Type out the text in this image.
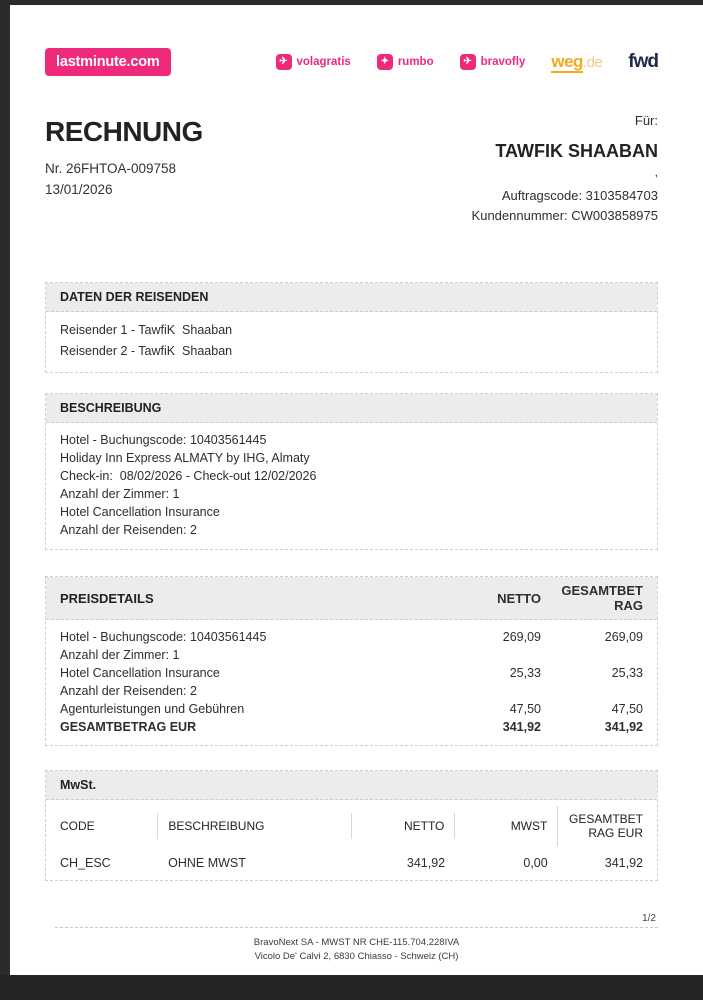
lastminute.com	✈ volagratis	✦ rumbo	✈ bravofly weg.de fwd
RECHNUNG
Nr. 26FHTOA-009758
13/01/2026
Für:
TAWFIK SHAABAN
,
Auftragscode: 3103584703
Kundennummer: CW003858975
DATEN DER REISENDEN
Reisender 1 - TawfiK  Shaaban
Reisender 2 - TawfiK  Shaaban
BESCHREIBUNG
Hotel - Buchungscode: 10403561445
Holiday Inn Express ALMATY by IHG, Almaty
Check-in:  08/02/2026 - Check-out 12/02/2026
Anzahl der Zimmer: 1
Hotel Cancellation Insurance
Anzahl der Reisenden: 2
PREISDETAILS	NETTO	GESAMTBETRAG
Hotel - Buchungscode: 10403561445	269,09	269,09
Anzahl der Zimmer: 1
Hotel Cancellation Insurance	25,33	25,33
Anzahl der Reisenden: 2
Agenturleistungen und Gebühren	47,50	47,50
GESAMTBETRAG EUR	341,92	341,92
MwSt.
CODE	BESCHREIBUNG	NETTO	MWST	GESAMTBETRAG EUR
CH_ESC	OHNE MWST	341,92	0,00	341,92
1/2
BravoNext SA - MWST NR CHE-115.704.228IVA
Vicolo De' Calvi 2, 6830 Chiasso - Schweiz (CH)
